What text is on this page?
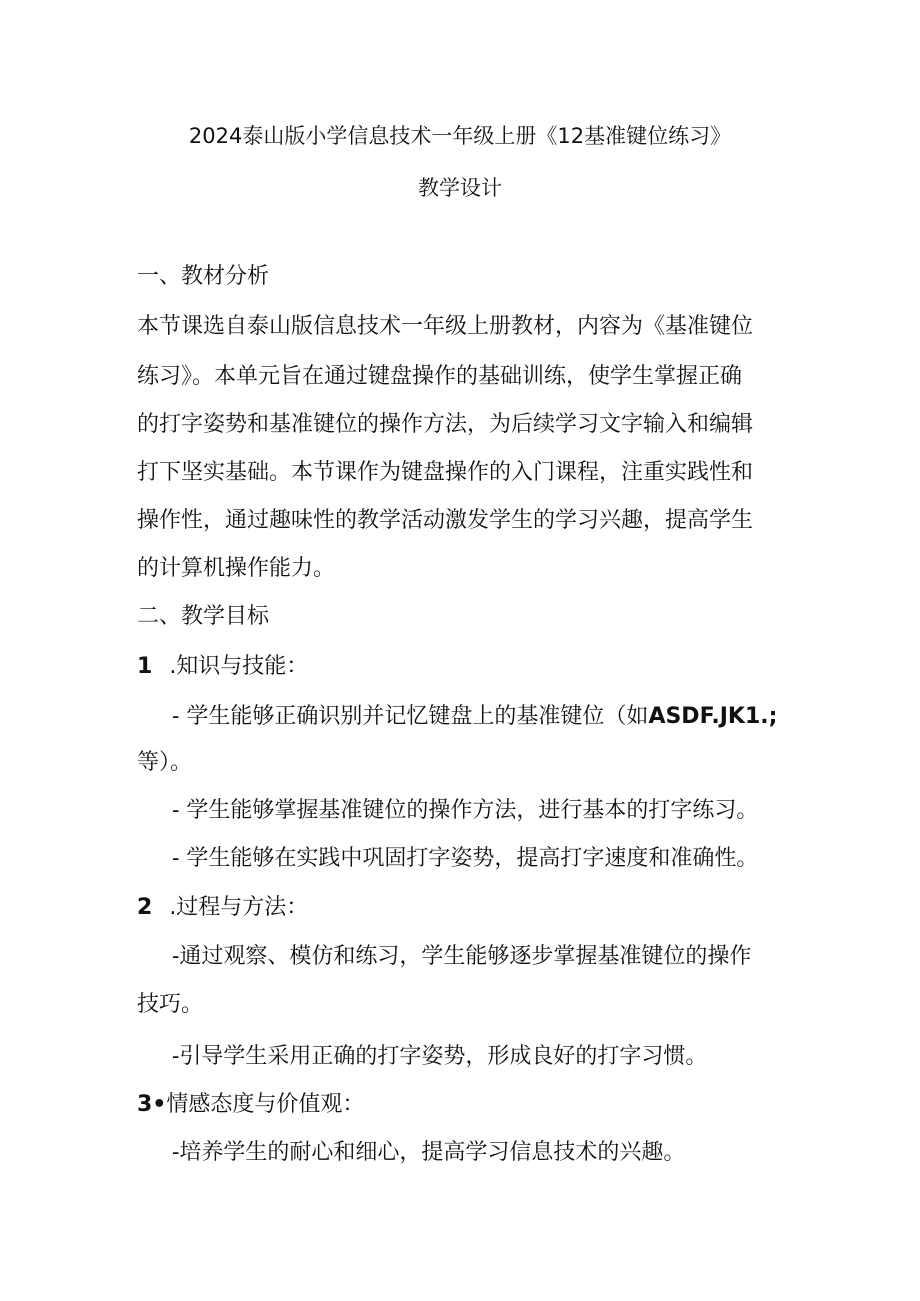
2024泰山版小学信息技术一年级上册《12基准键位练习》
教学设计
一、教材分析
本节课选自泰山版信息技术一年级上册教材，内容为《基准键位
练习》。本单元旨在通过键盘操作的基础训练，使学生掌握正确
的打字姿势和基准键位的操作方法，为后续学习文字输入和编辑
打下坚实基础。本节课作为键盘操作的入门课程，注重实践性和
操作性，通过趣味性的教学活动激发学生的学习兴趣，提高学生
的计算机操作能力。
二、教学目标
1 .知识与技能：
- 学生能够正确识别并记忆键盘上的基准键位（如ASDF.JK1.;
等）。
- 学生能够掌握基准键位的操作方法，进行基本的打字练习。
- 学生能够在实践中巩固打字姿势，提高打字速度和准确性。
2 .过程与方法：
-通过观察、模仿和练习，学生能够逐步掌握基准键位的操作
技巧。
-引导学生采用正确的打字姿势，形成良好的打字习惯。
3•情感态度与价值观：
-培养学生的耐心和细心，提高学习信息技术的兴趣。
